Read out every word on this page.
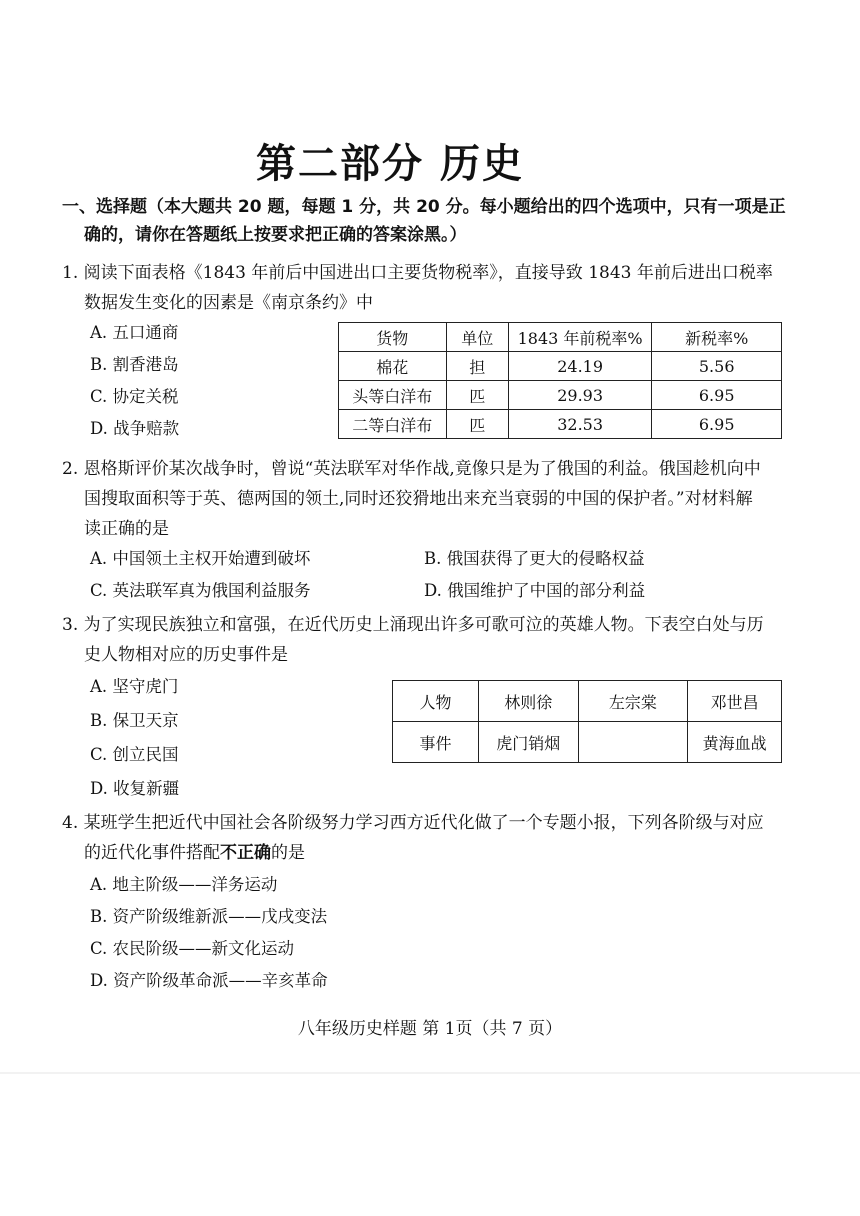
第二部分 历史
一、选择题（本大题共 20 题，每题 1 分，共 20 分。每小题给出的四个选项中，只有一项是正
确的，请你在答题纸上按要求把正确的答案涂黑。）
1. 阅读下面表格《1843 年前后中国进出口主要货物税率》，直接导致 1843 年前后进出口税率
数据发生变化的因素是《南京条约》中
A. 五口通商
B. 割香港岛
C. 协定关税
D. 战争赔款
货物	单位	1843 年前税率%	新税率%
棉花	担	24.19	5.56
头等白洋布	匹	29.93	6.95
二等白洋布	匹	32.53	6.95
2. 恩格斯评价某次战争时，曾说“英法联军对华作战,竟像只是为了俄国的利益。俄国趁机向中
国搜取面积等于英、德两国的领土,同时还狡猾地出来充当衰弱的中国的保护者。”对材料解
读正确的是
A. 中国领土主权开始遭到破坏	B. 俄国获得了更大的侵略权益
C. 英法联军真为俄国利益服务	D. 俄国维护了中国的部分利益
3. 为了实现民族独立和富强，在近代历史上涌现出许多可歌可泣的英雄人物。下表空白处与历
史人物相对应的历史事件是
A. 坚守虎门
B. 保卫天京
C. 创立民国
D. 收复新疆
人物	林则徐	左宗棠	邓世昌
事件	虎门销烟		黄海血战
4. 某班学生把近代中国社会各阶级努力学习西方近代化做了一个专题小报，下列各阶级与对应
的近代化事件搭配不正确的是
A. 地主阶级——洋务运动
B. 资产阶级维新派——戊戌变法
C. 农民阶级——新文化运动
D. 资产阶级革命派——辛亥革命
八年级历史样题 第 1页（共 7 页）
